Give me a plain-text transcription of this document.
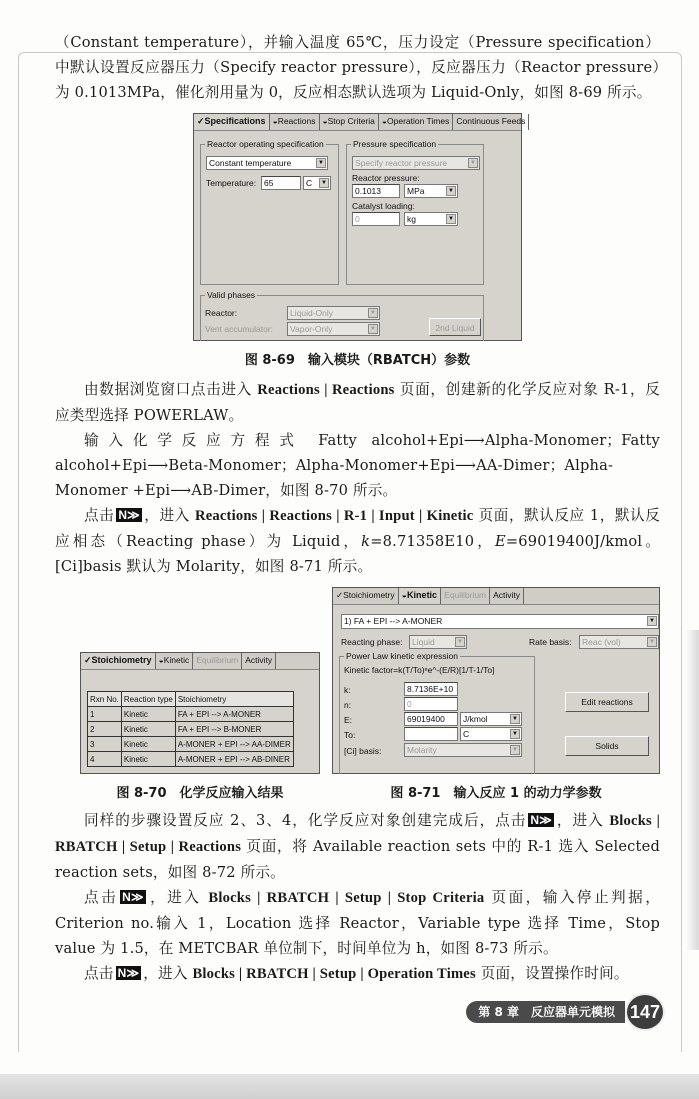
（Constant temperature），并输入温度 65℃，压力设定（Pressure specification）中默认设置反应器压力（Specify reactor pressure），反应器压力（Reactor pressure）为 0.1013MPa，催化剂用量为 0，反应相态默认选项为 Liquid-Only，如图 8-69 所示。
✓Specifications ◒Reactions ◒Stop Criteria ◒Operation Times Continuous Feeds
Reactor operating specification
Constant temperature	▼
Temperature: 65	C	▼
Pressure specification
Specify reactor pressure	▼
Reactor pressure:
0.1013	MPa	▼
Catalyst loading:
0	kg	▼
Valid phases
Reactor:	Liquid-Only	▼
Vent accumulator: Vapor-Only	▼	2nd Liquid
图 8-69　输入模块（RBATCH）参数
由数据浏览窗口点击进入 Reactions | Reactions 页面，创建新的化学反应对象 R-1，反应类型选择 POWERLAW。
输入化学反应方程式 Fatty alcohol+Epi⟶Alpha-Monomer；Fatty alcohol+Epi⟶Beta-Monomer；Alpha-Monomer+Epi⟶AA-Dimer；Alpha-Monomer +Epi⟶AB-Dimer，如图 8-70 所示。
点击 N≫ ，进入 Reactions | Reactions | R-1 | Input | Kinetic 页面，默认反应 1，默认反应相态（Reacting phase）为 Liquid，k=8.71358E10，E=69019400J/kmol。[Ci]basis 默认为 Molarity，如图 8-71 所示。
✓Stoichiometry ◒Kinetic Equilibrium Activity
Rxn No.	Reaction type	Stoichiometry
1	Kinetic	FA + EPI --> A-MONER
2	Kinetic	FA + EPI --> B-MONER
3	Kinetic	A-MONER + EPI --> AA-DIMER
4	Kinetic	A-MONER + EPI --> AB-DINER
图 8-70　化学反应输入结果
✓Stoichiometry ◒Kinetic Equilibrium Activity
1) FA + EPI --> A-MONER	▼
Reacting phase: Liquid	▼	Rate basis: Reac (vol)	▼
Power Law kinetic expression
Kinetic factor=k(T/To)ⁿe^-(E/R)[1/T-1/To]
k:	8.7136E+10
n:	0
E:	69019400	J/kmol	▼
To:	C	▼
[Ci] basis:	Molarity	▼
Edit reactions
Solids
图 8-71　输入反应 1 的动力学参数
同样的步骤设置反应 2、3、4，化学反应对象创建完成后，点击 N≫ ，进入 Blocks | RBATCH | Setup | Reactions 页面，将 Available reaction sets 中的 R-1 选入 Selected reaction sets，如图 8-72 所示。
点击 N≫ ，进入 Blocks | RBATCH | Setup | Stop Criteria 页面，输入停止判据，Criterion no.输入 1，Location 选择 Reactor，Variable type 选择 Time，Stop value 为 1.5，在 METCBAR 单位制下，时间单位为 h，如图 8-73 所示。
点击 N≫ ，进入 Blocks | RBATCH | Setup | Operation Times 页面，设置操作时间。
第 8 章　反应器单元模拟 147
